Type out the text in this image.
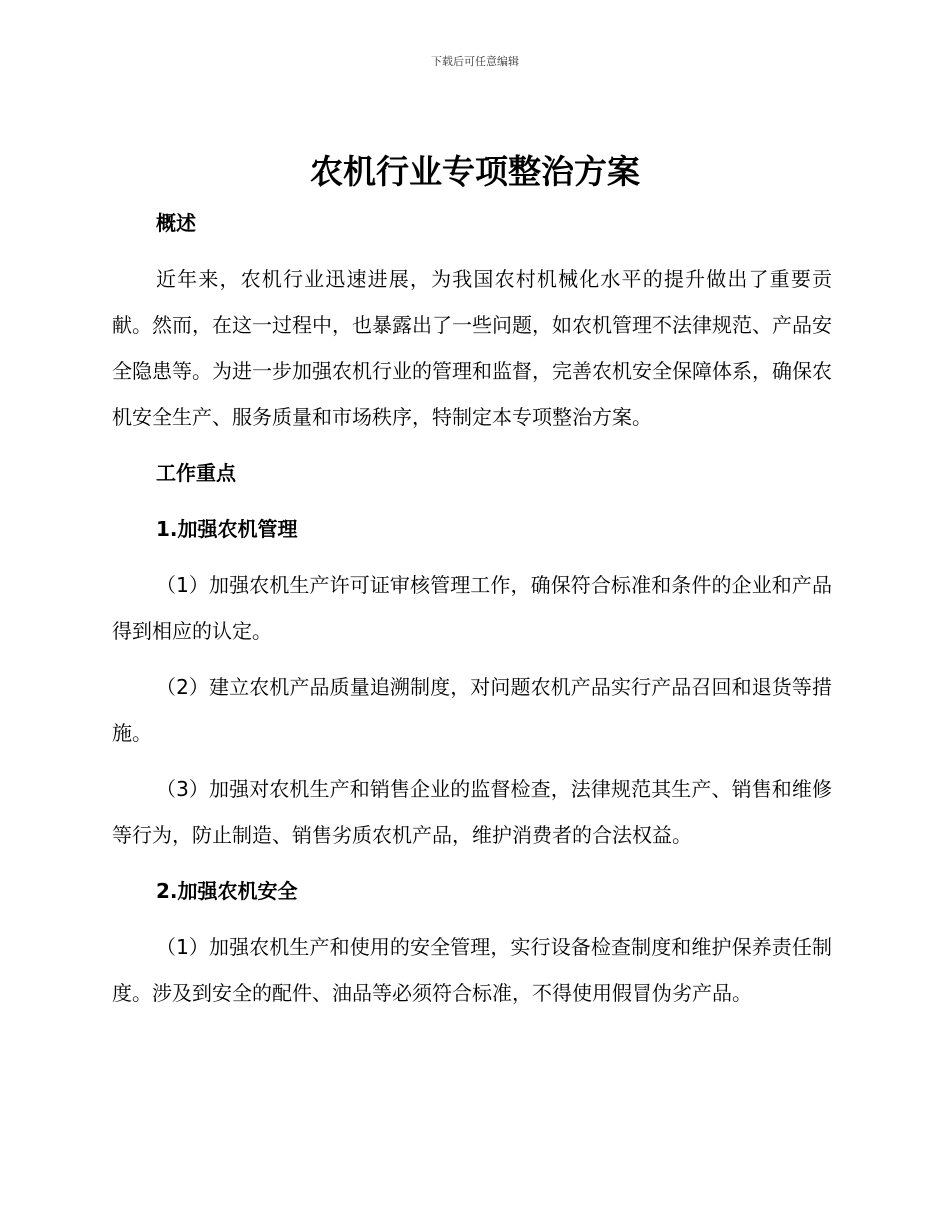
下载后可任意编辑
农机行业专项整治方案

概述

近年来，农机行业迅速进展，为我国农村机械化水平的提升做出了重要贡献。然而，在这一过程中，也暴露出了一些问题，如农机管理不法律规范、产品安全隐患等。为进一步加强农机行业的管理和监督，完善农机安全保障体系，确保农机安全生产、服务质量和市场秩序，特制定本专项整治方案。

工作重点

1.加强农机管理

（1）加强农机生产许可证审核管理工作，确保符合标准和条件的企业和产品得到相应的认定。

（2）建立农机产品质量追溯制度，对问题农机产品实行产品召回和退货等措施。

（3）加强对农机生产和销售企业的监督检查，法律规范其生产、销售和维修等行为，防止制造、销售劣质农机产品，维护消费者的合法权益。

2.加强农机安全

（1）加强农机生产和使用的安全管理，实行设备检查制度和维护保养责任制度。涉及到安全的配件、油品等必须符合标准，不得使用假冒伪劣产品。
